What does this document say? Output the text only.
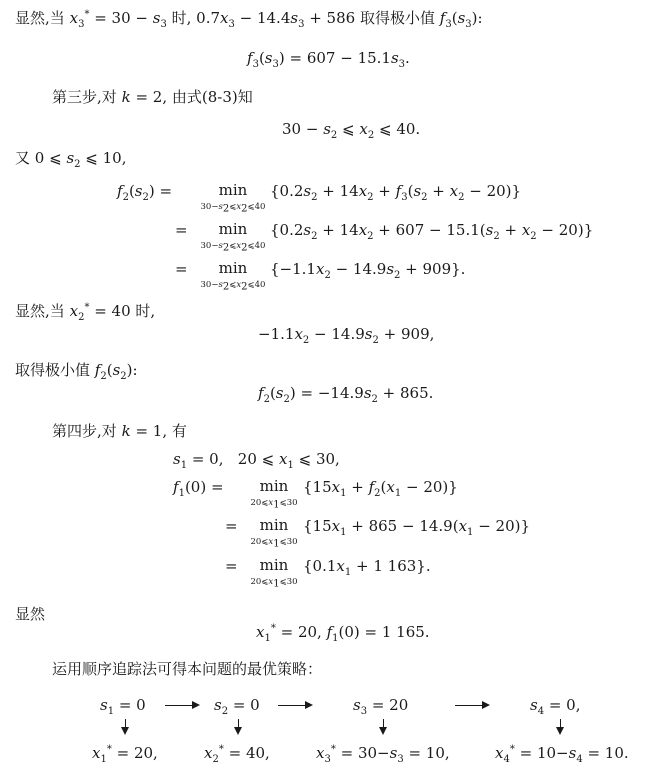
显然,当 $x_3^* = 30 - s_3$ 时, $0.7x_3 - 14.4s_3 + 586$ 取得极小值 $f_3(s_3)$:
$f_3(s_3) = 607 - 15.1s_3$.
第三步,对 k = 2, 由式(8-3)知
$30 - s_2$ ⩽ $x_2$ ⩽ 40.
又 0 ⩽ $s_2$ ⩽ 10,
$f_2(s_2)$ =	min
$30-s_2⩽x_2⩽40$
$\{0.2s_2 + 14x_2 + f_3(s_2 + x_2 - 20)\}$
=	min
$30-s_2⩽x_2⩽40$
$\{0.2s_2 + 14x_2 + 607 - 15.1(s_2 + x_2 - 20)\}$
=	min
$30-s_2⩽x_2⩽40$
$\{-1.1x_2 - 14.9s_2 + 909\}$.
显然,当 $x_2^* = 40$ 时,
$-1.1x_2 - 14.9s_2 + 909$,
取得极小值 $f_2(s_2)$:
$f_2(s_2) = -14.9s_2 + 865$.
第四步,对 k = 1, 有
$s_1 = 0$,   20 ⩽ $x_1$ ⩽ 30,
$f_1(0)$ =	min
$20⩽x_1⩽30$
$\{15x_1 + f_2(x_1 - 20)\}$
=	min
$20⩽x_1⩽30$
$\{15x_1 + 865 - 14.9(x_1 - 20)\}$
=	min
$20⩽x_1⩽30$
{$0.1x_1 + 1$ 163}.
显然
$x_1^* = 20$, $f_1(0) = 1$ 165.
运用顺序追踪法可得本问题的最优策略：
$s_1 = 0$	$s_2 = 0$	$s_3 = 20$	$s_4 = 0$,
$x_1^* = 20$,	$x_2^* = 40$,	$x_3^* = 30-s_3 = 10$,	$x_4^* = 10-s_4 = 10$.
